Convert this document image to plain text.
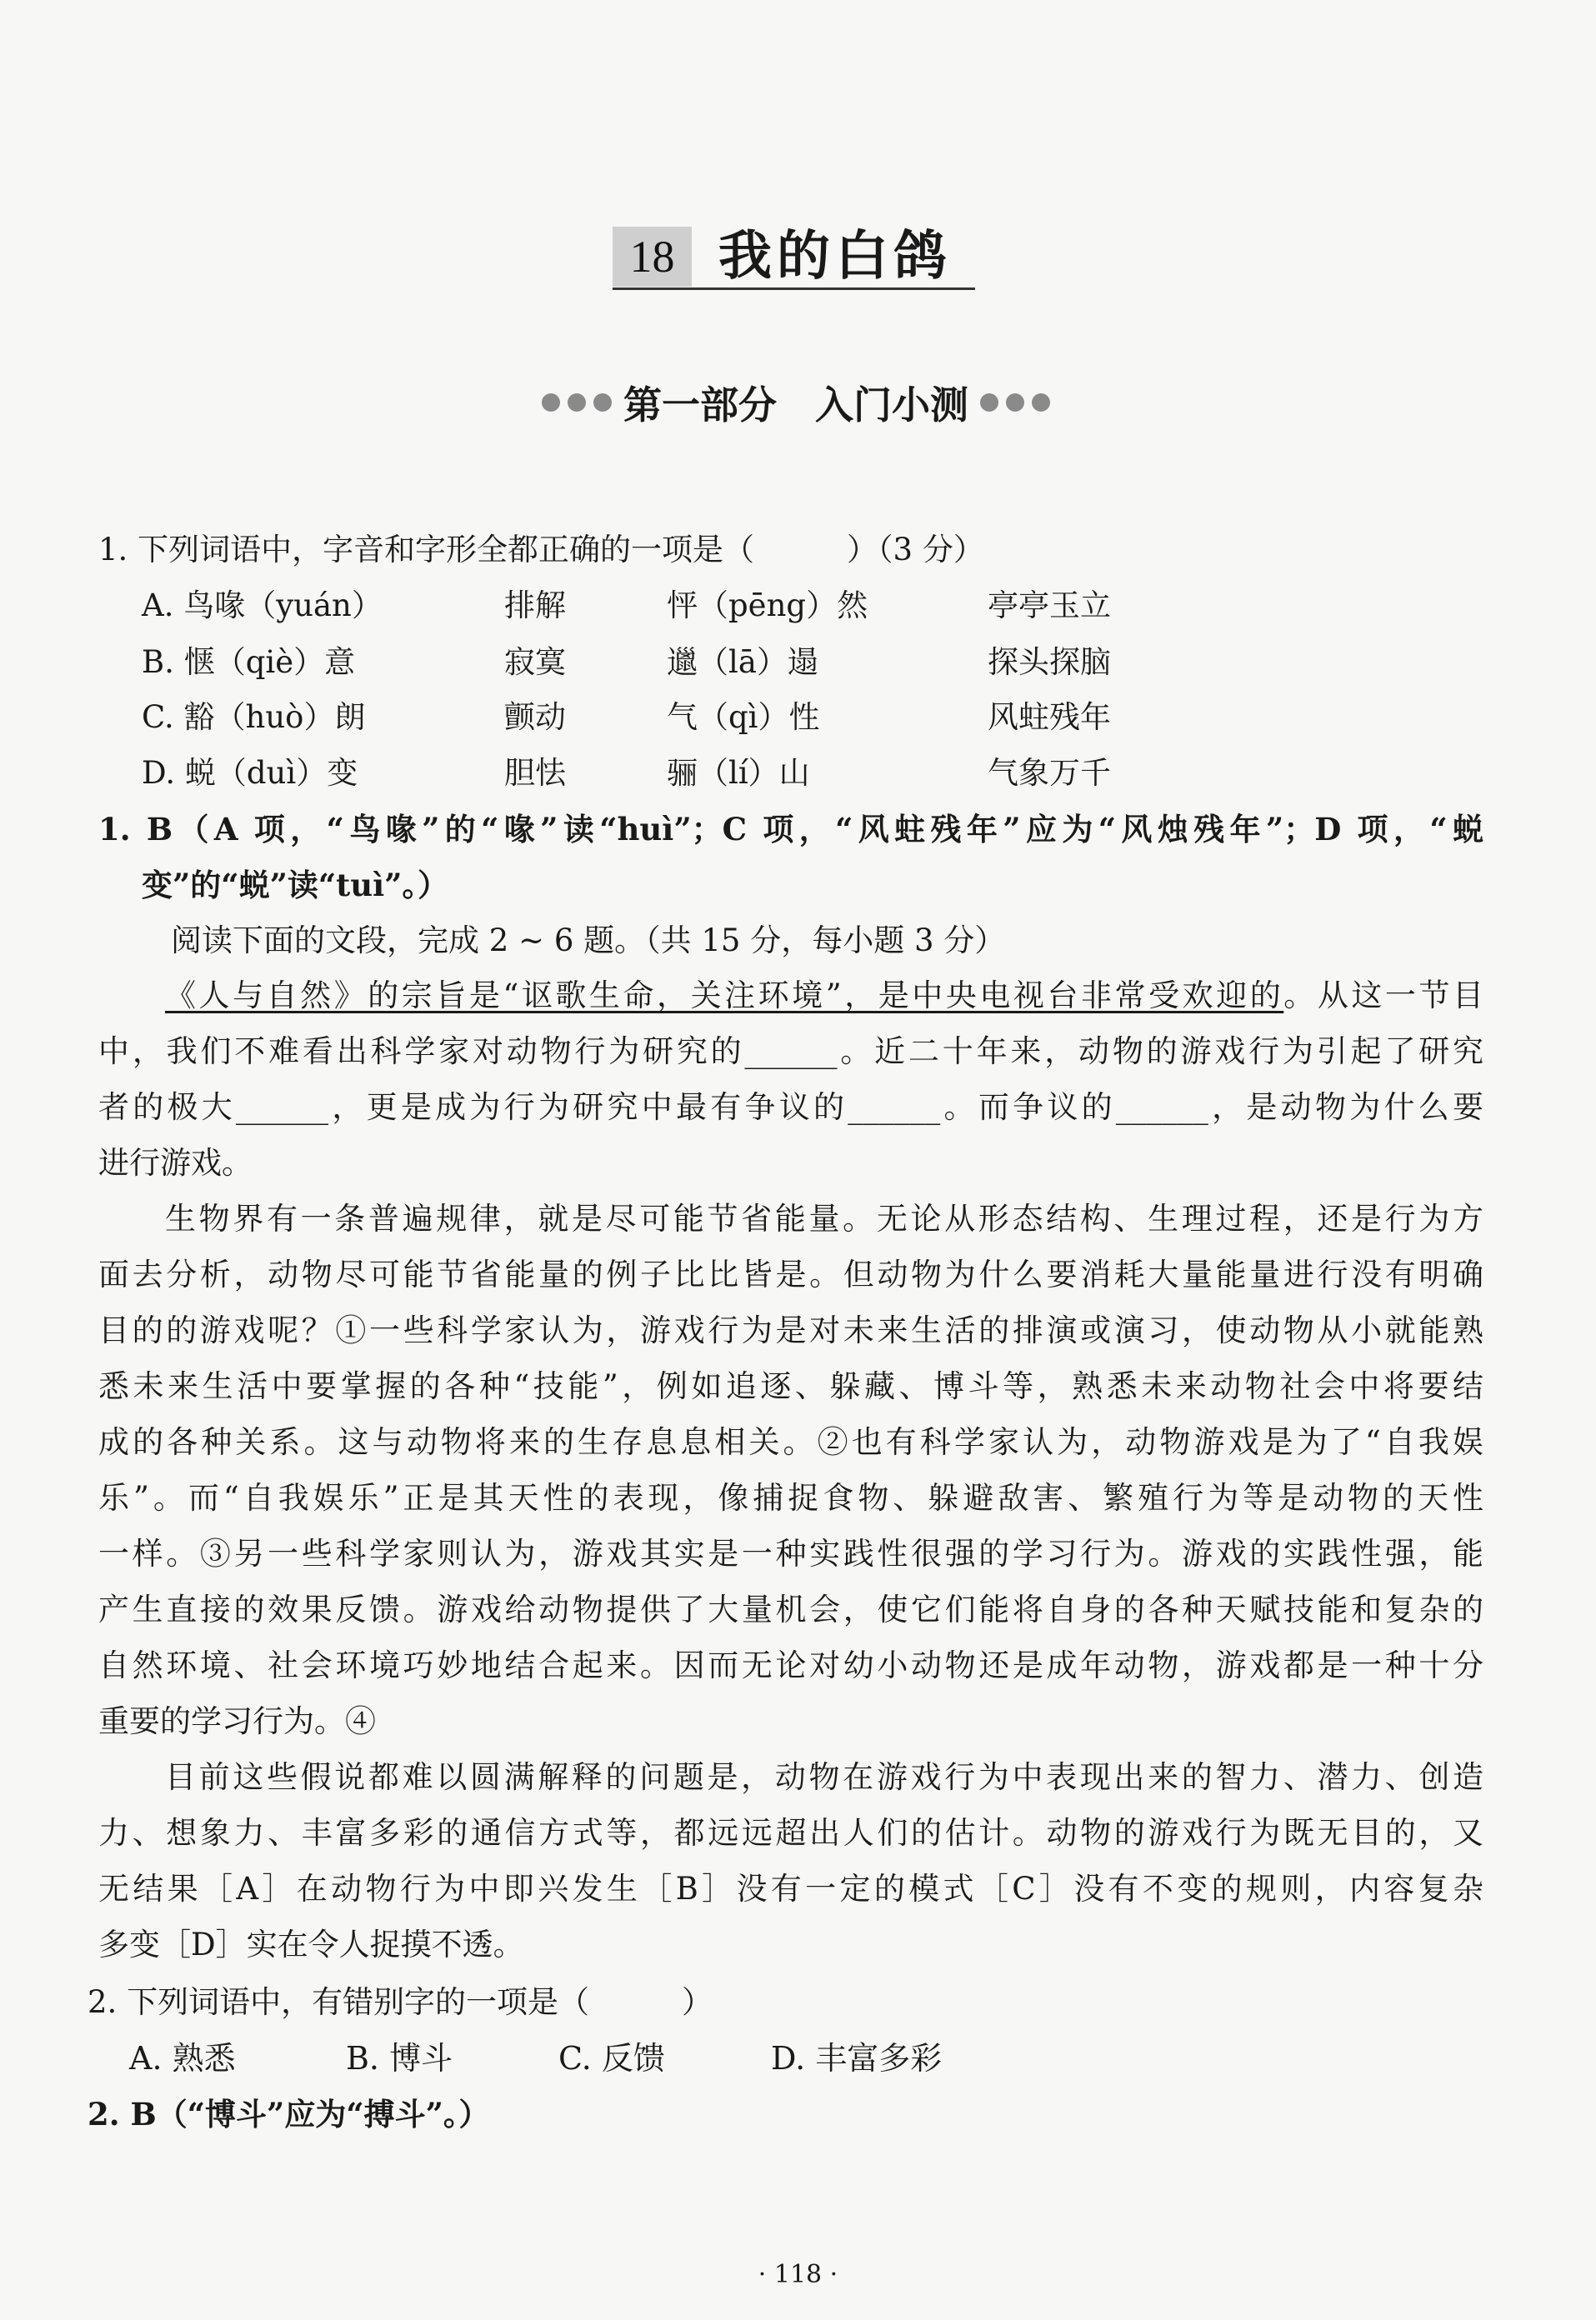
18 我的白鸽
第一部分　入门小测
1. 下列词语中，字音和字形全都正确的一项是（　　　）（3 分）
A. 鸟喙（yuán）	排解	怦（pēng）然	亭亭玉立
B. 惬（qiè）意	寂寞	邋（lā）遢	探头探脑
C. 豁（huò）朗	颤动	气（qì）性	风蛀残年
D. 蜕（duì）变	胆怯	骊（lí）山	气象万千
1. B（A 项，“鸟喙”的“喙”读“huì”；C 项，“风蛀残年”应为“风烛残年”；D 项，“蜕
变”的“蜕”读“tuì”。）
阅读下面的文段，完成 2 ~ 6 题。（共 15 分，每小题 3 分）
《人与自然》的宗旨是“讴歌生命，关注环境”，是中央电视台非常受欢迎的。从这一节目
中，我们不难看出科学家对动物行为研究的______。近二十年来，动物的游戏行为引起了研究
者的极大______，更是成为行为研究中最有争议的______。而争议的______，是动物为什么要
进行游戏。
生物界有一条普遍规律，就是尽可能节省能量。无论从形态结构、生理过程，还是行为方
面去分析，动物尽可能节省能量的例子比比皆是。但动物为什么要消耗大量能量进行没有明确
目的的游戏呢？①一些科学家认为，游戏行为是对未来生活的排演或演习，使动物从小就能熟
悉未来生活中要掌握的各种“技能”，例如追逐、躲藏、博斗等，熟悉未来动物社会中将要结
成的各种关系。这与动物将来的生存息息相关。②也有科学家认为，动物游戏是为了“自我娱
乐”。而“自我娱乐”正是其天性的表现，像捕捉食物、躲避敌害、繁殖行为等是动物的天性
一样。③另一些科学家则认为，游戏其实是一种实践性很强的学习行为。游戏的实践性强，能
产生直接的效果反馈。游戏给动物提供了大量机会，使它们能将自身的各种天赋技能和复杂的
自然环境、社会环境巧妙地结合起来。因而无论对幼小动物还是成年动物，游戏都是一种十分
重要的学习行为。④
目前这些假说都难以圆满解释的问题是，动物在游戏行为中表现出来的智力、潜力、创造
力、想象力、丰富多彩的通信方式等，都远远超出人们的估计。动物的游戏行为既无目的，又
无结果［A］在动物行为中即兴发生［B］没有一定的模式［C］没有不变的规则，内容复杂
多变［D］实在令人捉摸不透。
2. 下列词语中，有错别字的一项是（　　　）
A. 熟悉	B. 博斗	C. 反馈	D. 丰富多彩
2. B（“博斗”应为“搏斗”。）
· 118 ·
